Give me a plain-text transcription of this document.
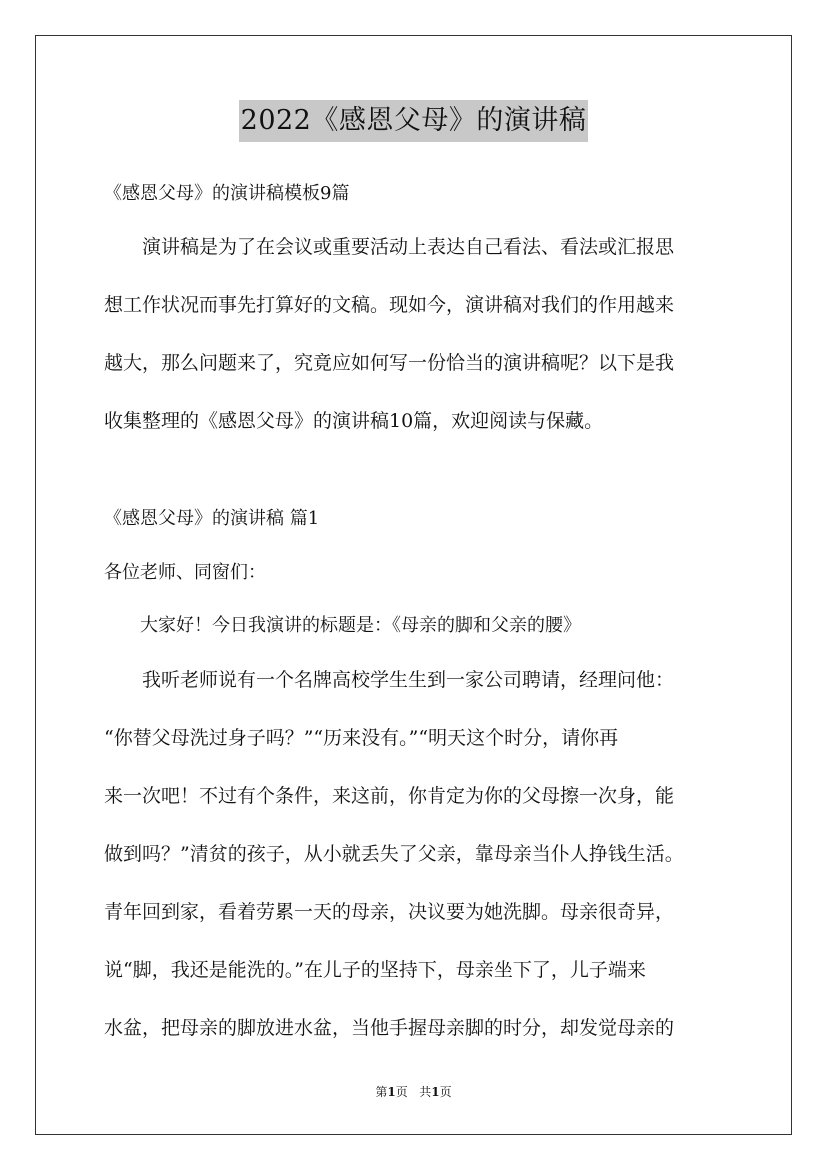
2022《感恩父母》的演讲稿
《感恩父母》的演讲稿模板9篇

　　演讲稿是为了在会议或重要活动上表达自己看法、看法或汇报思

想工作状况而事先打算好的文稿。现如今，演讲稿对我们的作用越来

越大，那么问题来了，究竟应如何写一份恰当的演讲稿呢？以下是我

收集整理的《感恩父母》的演讲稿10篇，欢迎阅读与保藏。

《感恩父母》的演讲稿 篇1
各位老师、同窗们：
　　大家好！今日我演讲的标题是：《母亲的脚和父亲的腰》

　　我听老师说有一个名牌高校学生生到一家公司聘请，经理问他：

“你替父母洗过身子吗？”“历来没有。”“明天这个时分，请你再

来一次吧！不过有个条件，来这前，你肯定为你的父母擦一次身，能

做到吗？”清贫的孩子，从小就丢失了父亲，靠母亲当仆人挣钱生活。

青年回到家，看着劳累一天的母亲，决议要为她洗脚。母亲很奇异，

说“脚，我还是能洗的。”在儿子的坚持下，母亲坐下了，儿子端来

水盆，把母亲的脚放进水盆，当他手握母亲脚的时分，却发觉母亲的

第1页 共1页
